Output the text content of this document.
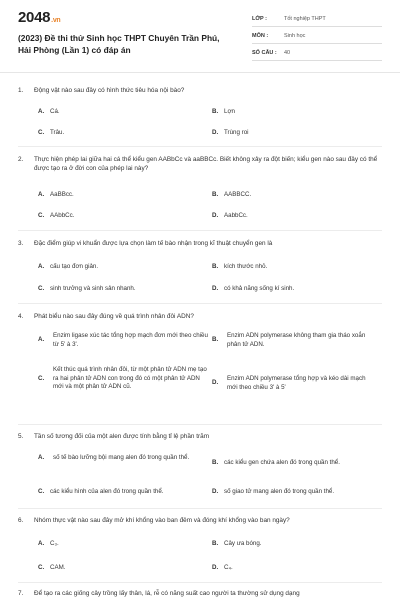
2048.vn
(2023) Đề thi thử Sinh học THPT Chuyên Trần Phú, Hải Phòng (Lần 1) có đáp án
LỚP :	Tốt nghiệp THPT
MÔN :	Sinh học
SỐ CÂU :	40
1.	Động vật nào sau đây có hình thức tiêu hóa nội bào?
A. Cá.	B. Lợn
C. Trâu.	D. Trùng roi
2.	Thực hiện phép lai giữa hai cá thể kiểu gen AABbCc và aaBBCc. Biết không xảy ra đột biến; kiểu gen nào sau đây có thể được tạo ra ở đời con của phép lai này?
A. AaBBcc.	B. AABBCC.
C. AAbbCc.	D. AabbCc.
3.	Đặc điểm giúp vi khuẩn được lựa chọn làm tế bào nhận trong kĩ thuật chuyển gen là
A. cấu tạo đơn giản.	B. kích thước nhỏ.
C. sinh trưởng và sinh sản nhanh.	D. có khả năng sống kí sinh.
4.	Phát biểu nào sau đây đúng về quá trình nhân đôi ADN?
A.
Enzim ligase xúc tác tổng hợp mạch đơn mới theo chiều từ 5' à 3'.
B.
Enzim ADN polymerase không tham gia tháo xoắn phân tử ADN.
C.
Kết thúc quá trình nhân đôi, từ một phân tử ADN mẹ tạo ra hai phân tử ADN con trong đó có một phân tử ADN mới và một phân tử ADN cũ.
D.
Enzim ADN polymerase tổng hợp và kéo dài mạch mới theo chiều 3' à 5'
5.	Tần số tương đối của một alen được tính bằng tỉ lệ phần trăm
A.	số tế bào lưỡng bội mang alen đó trong quần thể.
B. các kiểu gen chứa alen đó trong quần thể.
C. các kiểu hình của alen đó trong quần thể.	D. số giao tử mang alen đó trong quần thể.
6.	Nhóm thực vật nào sau đây mở khí khổng vào ban đêm và đóng khí khổng vào ban ngày?
A. C₃.	B. Cây ưa bóng.
C. CAM.	D. C₄.
7.	Để tạo ra các giống cây trồng lấy thân, lá, rễ có năng suất cao người ta thường sử dụng dạng
